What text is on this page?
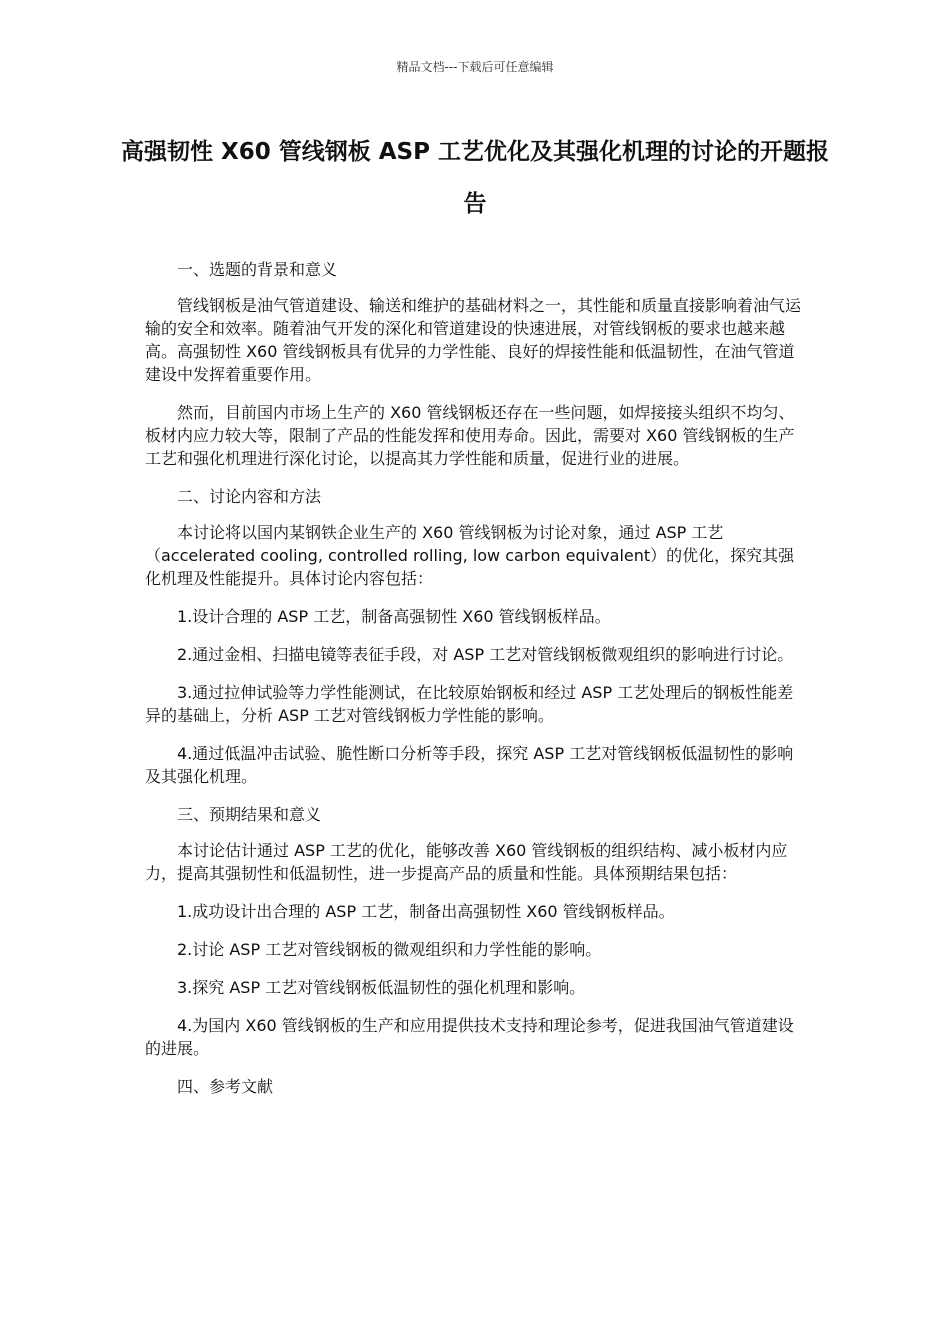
精品文档---下载后可任意编辑
高强韧性 X60 管线钢板 ASP 工艺优化及其强化机理的讨论的开题报告

一、选题的背景和意义

管线钢板是油气管道建设、输送和维护的基础材料之一，其性能和质量直接影响着油气运输的安全和效率。随着油气开发的深化和管道建设的快速进展，对管线钢板的要求也越来越高。高强韧性 X60 管线钢板具有优异的力学性能、良好的焊接性能和低温韧性，在油气管道建设中发挥着重要作用。

然而，目前国内市场上生产的 X60 管线钢板还存在一些问题，如焊接接头组织不均匀、板材内应力较大等，限制了产品的性能发挥和使用寿命。因此，需要对 X60 管线钢板的生产工艺和强化机理进行深化讨论，以提高其力学性能和质量，促进行业的进展。

二、讨论内容和方法

本讨论将以国内某钢铁企业生产的 X60 管线钢板为讨论对象，通过 ASP 工艺（accelerated cooling, controlled rolling, low carbon equivalent）的优化，探究其强化机理及性能提升。具体讨论内容包括：

1.设计合理的 ASP 工艺，制备高强韧性 X60 管线钢板样品。

2.通过金相、扫描电镜等表征手段，对 ASP 工艺对管线钢板微观组织的影响进行讨论。

3.通过拉伸试验等力学性能测试，在比较原始钢板和经过 ASP 工艺处理后的钢板性能差异的基础上，分析 ASP 工艺对管线钢板力学性能的影响。

4.通过低温冲击试验、脆性断口分析等手段，探究 ASP 工艺对管线钢板低温韧性的影响及其强化机理。

三、预期结果和意义

本讨论估计通过 ASP 工艺的优化，能够改善 X60 管线钢板的组织结构、减小板材内应力，提高其强韧性和低温韧性，进一步提高产品的质量和性能。具体预期结果包括：

1.成功设计出合理的 ASP 工艺，制备出高强韧性 X60 管线钢板样品。

2.讨论 ASP 工艺对管线钢板的微观组织和力学性能的影响。

3.探究 ASP 工艺对管线钢板低温韧性的强化机理和影响。

4.为国内 X60 管线钢板的生产和应用提供技术支持和理论参考，促进我国油气管道建设的进展。

四、参考文献
